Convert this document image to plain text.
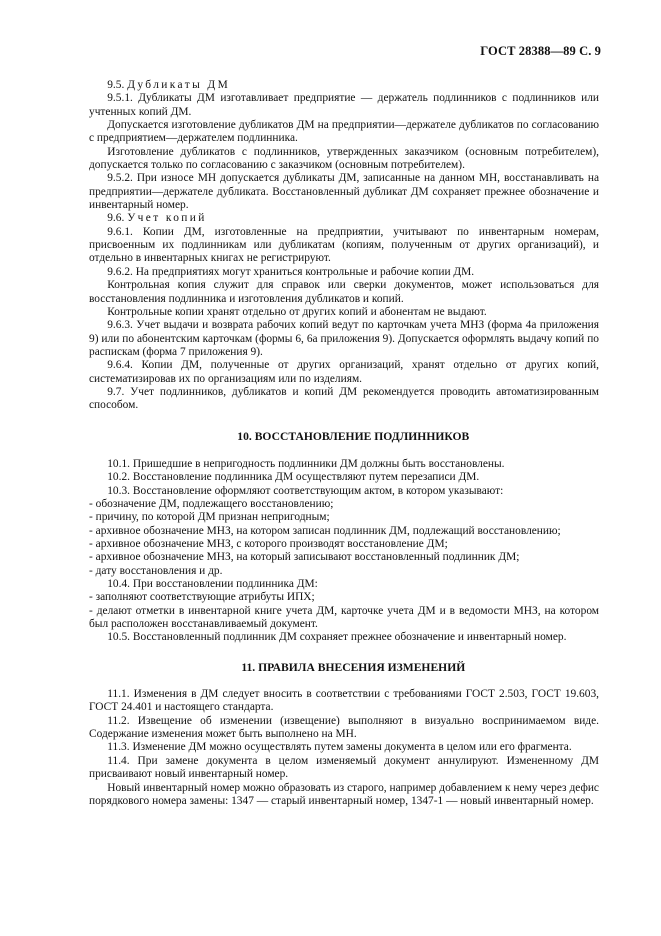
ГОСТ 28388—89 С. 9

9.5. Дубликаты ДМ

9.5.1. Дубликаты ДМ изготавливает предприятие — держатель подлинников с подлинников или учтенных копий ДМ.

Допускается изготовление дубликатов ДМ на предприятии—держателе дубликатов по согласованию с предприятием—держателем подлинника.

Изготовление дубликатов с подлинников, утвержденных заказчиком (основным потребителем), допускается только по согласованию с заказчиком (основным потребителем).

9.5.2. При износе МН допускается дубликаты ДМ, записанные на данном МН, восстанавливать на предприятии—держателе дубликата. Восстановленный дубликат ДМ сохраняет прежнее обозначение и инвентарный номер.

9.6. Учет копий

9.6.1. Копии ДМ, изготовленные на предприятии, учитывают по инвентарным номерам, присвоенным их подлинникам или дубликатам (копиям, полученным от других организаций), и отдельно в инвентарных книгах не регистрируют.

9.6.2. На предприятиях могут храниться контрольные и рабочие копии ДМ.

Контрольная копия служит для справок или сверки документов, может использоваться для восстановления подлинника и изготовления дубликатов и копий.

Контрольные копии хранят отдельно от других копий и абонентам не выдают.

9.6.3. Учет выдачи и возврата рабочих копий ведут по карточкам учета МНЗ (форма 4а приложения 9) или по абонентским карточкам (формы 6, 6а приложения 9). Допускается оформлять выдачу копий по распискам (форма 7 приложения 9).

9.6.4. Копии ДМ, полученные от других организаций, хранят отдельно от других копий, систематизировав их по организациям или по изделиям.

9.7. Учет подлинников, дубликатов и копий ДМ рекомендуется проводить автоматизированным способом.

10. ВОССТАНОВЛЕНИЕ ПОДЛИННИКОВ

10.1. Пришедшие в непригодность подлинники ДМ должны быть восстановлены.

10.2. Восстановление подлинника ДМ осуществляют путем перезаписи ДМ.

10.3. Восстановление оформляют соответствующим актом, в котором указывают:

- обозначение ДМ, подлежащего восстановлению;

- причину, по которой ДМ признан непригодным;

- архивное обозначение МНЗ, на котором записан подлинник ДМ, подлежащий восстановлению;

- архивное обозначение МНЗ, с которого производят восстановление ДМ;

- архивное обозначение МНЗ, на который записывают восстановленный подлинник ДМ;

- дату восстановления и др.

10.4. При восстановлении подлинника ДМ:

- заполняют соответствующие атрибуты ИПХ;

- делают отметки в инвентарной книге учета ДМ, карточке учета ДМ и в ведомости МНЗ, на котором был расположен восстанавливаемый документ.

10.5. Восстановленный подлинник ДМ сохраняет прежнее обозначение и инвентарный номер.

11. ПРАВИЛА ВНЕСЕНИЯ ИЗМЕНЕНИЙ

11.1. Изменения в ДМ следует вносить в соответствии с требованиями ГОСТ 2.503, ГОСТ 19.603, ГОСТ 24.401 и настоящего стандарта.

11.2. Извещение об изменении (извещение) выполняют в визуально воспринимаемом виде. Содержание изменения может быть выполнено на МН.

11.3. Изменение ДМ можно осуществлять путем замены документа в целом или его фрагмента.

11.4. При замене документа в целом изменяемый документ аннулируют. Измененному ДМ присваивают новый инвентарный номер.

Новый инвентарный номер можно образовать из старого, например добавлением к нему через дефис порядкового номера замены: 1347 — старый инвентарный номер, 1347-1 — новый инвентарный номер.
